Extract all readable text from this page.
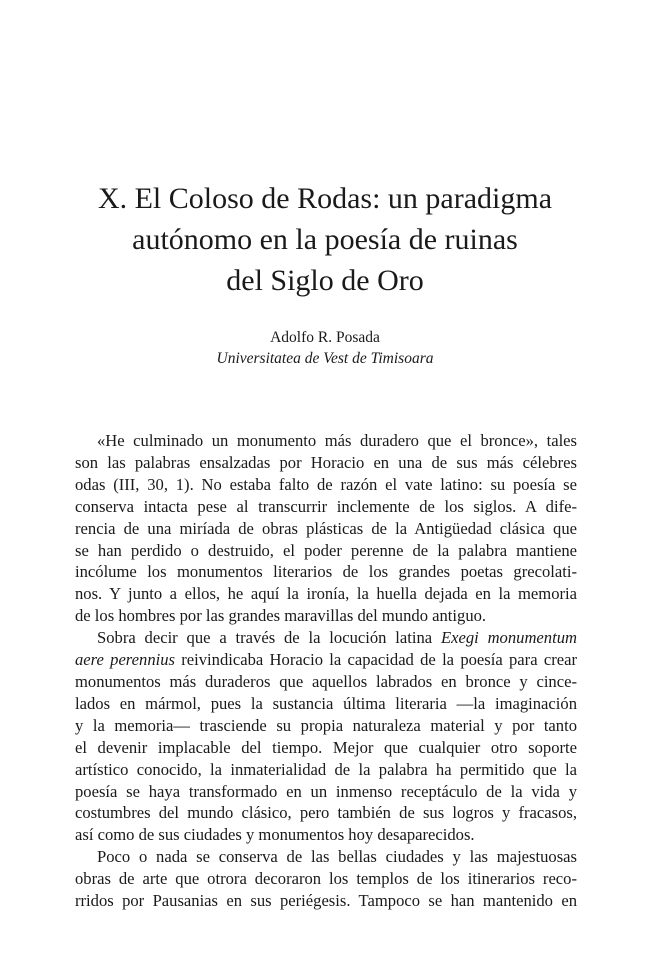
X. El Coloso de Rodas: un paradigma
autónomo en la poesía de ruinas
del Siglo de Oro
Adolfo R. Posada
Universitatea de Vest de Timisoara
«He culminado un monumento más duradero que el bronce», tales
son las palabras ensalzadas por Horacio en una de sus más célebres
odas (III, 30, 1). No estaba falto de razón el vate latino: su poesía se
conserva intacta pese al transcurrir inclemente de los siglos. A dife-
rencia de una miríada de obras plásticas de la Antigüedad clásica que
se han perdido o destruido, el poder perenne de la palabra mantiene
incólume los monumentos literarios de los grandes poetas grecolati-
nos. Y junto a ellos, he aquí la ironía, la huella dejada en la memoria
de los hombres por las grandes maravillas del mundo antiguo.
Sobra decir que a través de la locución latina Exegi monumentum
aere perennius reivindicaba Horacio la capacidad de la poesía para crear
monumentos más duraderos que aquellos labrados en bronce y cince-
lados en mármol, pues la sustancia última literaria —la imaginación
y la memoria— trasciende su propia naturaleza material y por tanto
el devenir implacable del tiempo. Mejor que cualquier otro soporte
artístico conocido, la inmaterialidad de la palabra ha permitido que la
poesía se haya transformado en un inmenso receptáculo de la vida y
costumbres del mundo clásico, pero también de sus logros y fracasos,
así como de sus ciudades y monumentos hoy desaparecidos.
Poco o nada se conserva de las bellas ciudades y las majestuosas
obras de arte que otrora decoraron los templos de los itinerarios reco-
rridos por Pausanias en sus periégesis. Tampoco se han mantenido en
